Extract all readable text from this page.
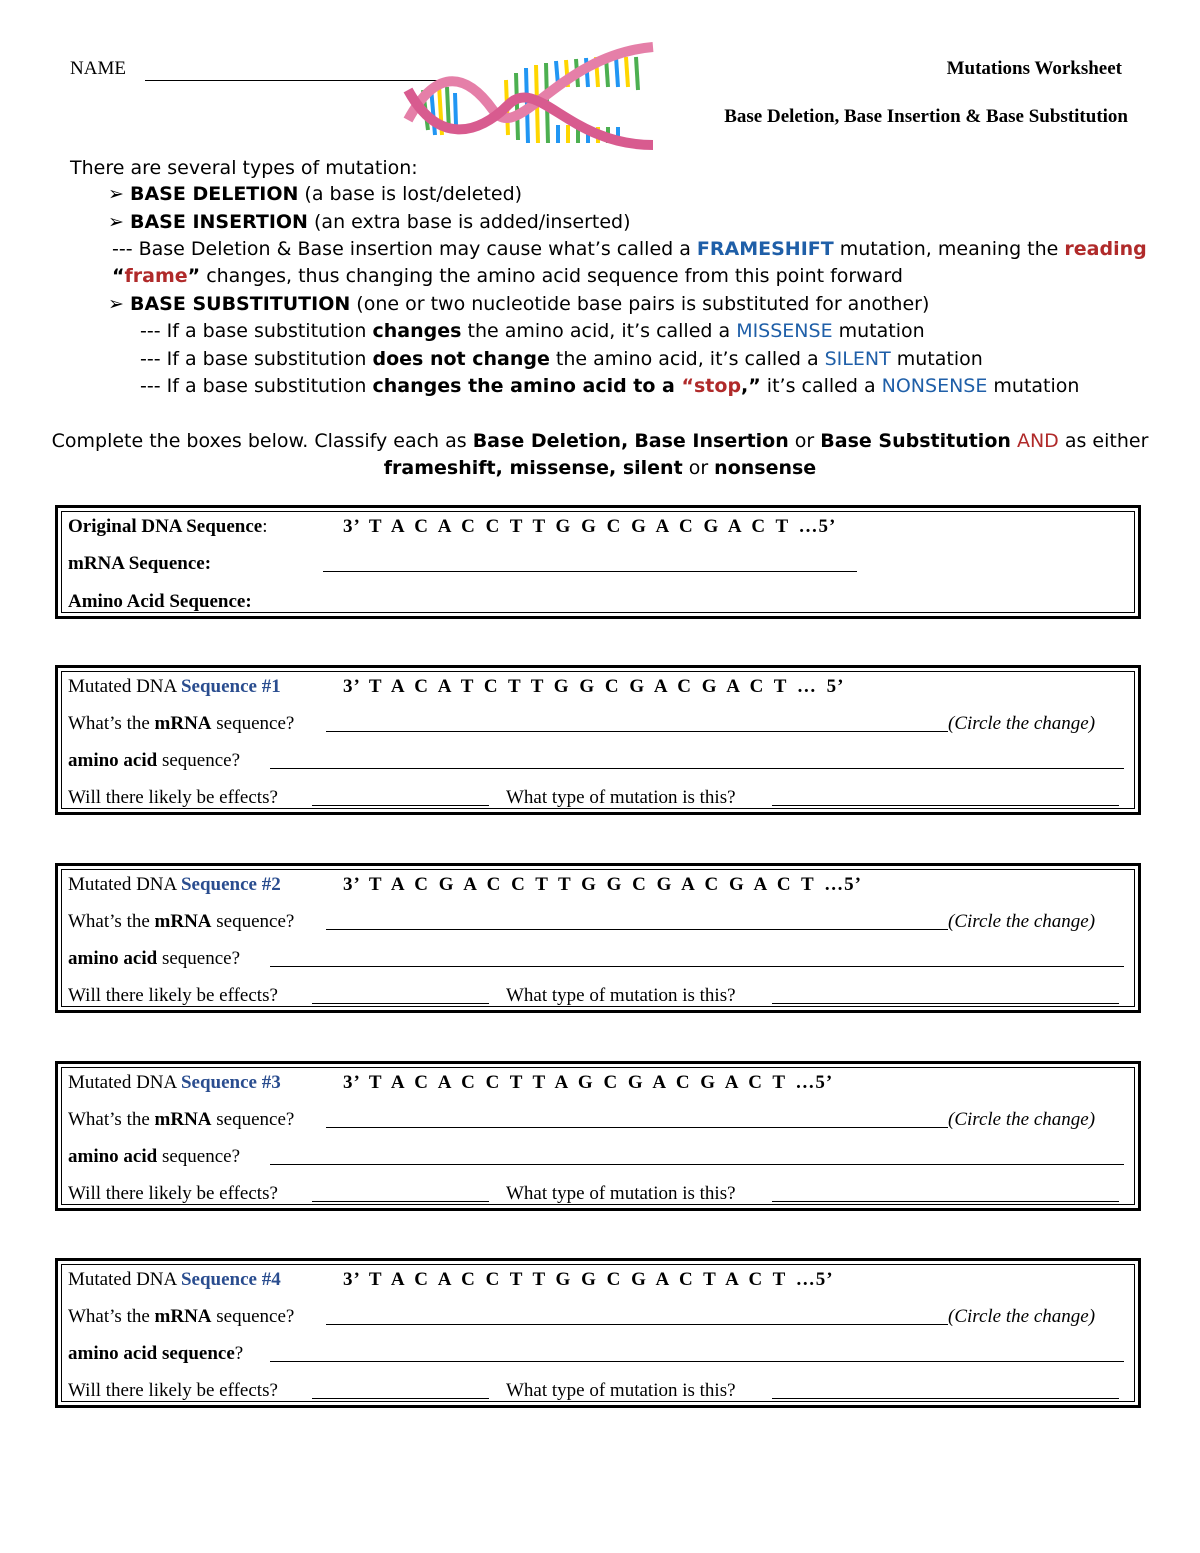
NAME	Mutations Worksheet
Base Deletion, Base Insertion & Base Substitution
There are several types of mutation:
➢ BASE DELETION (a base is lost/deleted)
➢ BASE INSERTION (an extra base is added/inserted)
--- Base Deletion & Base insertion may cause what’s called a FRAMESHIFT mutation, meaning the reading
“frame” changes, thus changing the amino acid sequence from this point forward
➢ BASE SUBSTITUTION (one or two nucleotide base pairs is substituted for another)
--- If a base substitution changes the amino acid, it’s called a MISSENSE mutation
--- If a base substitution does not change the amino acid, it’s called a SILENT mutation
--- If a base substitution changes the amino acid to a “stop,” it’s called a NONSENSE mutation
Complete the boxes below. Classify each as Base Deletion, Base Insertion or Base Substitution AND as either
frameshift, missense, silent or nonsense
Original DNA Sequence:	3’ T A C A C C T T G G C G A C G A C T …5’
mRNA Sequence:
Amino Acid Sequence:
Mutated DNA Sequence #1	3’ T A C A T C T T G G C G A C G A C T … 5’
What’s the mRNA sequence?	(Circle the change)
amino acid sequence?
Will there likely be effects?	What type of mutation is this?
Mutated DNA Sequence #2	3’ T A C G A C C T T G G C G A C G A C T …5’
What’s the mRNA sequence?	(Circle the change)
amino acid sequence?
Will there likely be effects?	What type of mutation is this?
Mutated DNA Sequence #3	3’ T A C A C C T T A G C G A C G A C T …5’
What’s the mRNA sequence?	(Circle the change)
amino acid sequence?
Will there likely be effects?	What type of mutation is this?
Mutated DNA Sequence #4	3’ T A C A C C T T G G C G A C T A C T …5’
What’s the mRNA sequence?	(Circle the change)
amino acid sequence?
Will there likely be effects?	What type of mutation is this?
